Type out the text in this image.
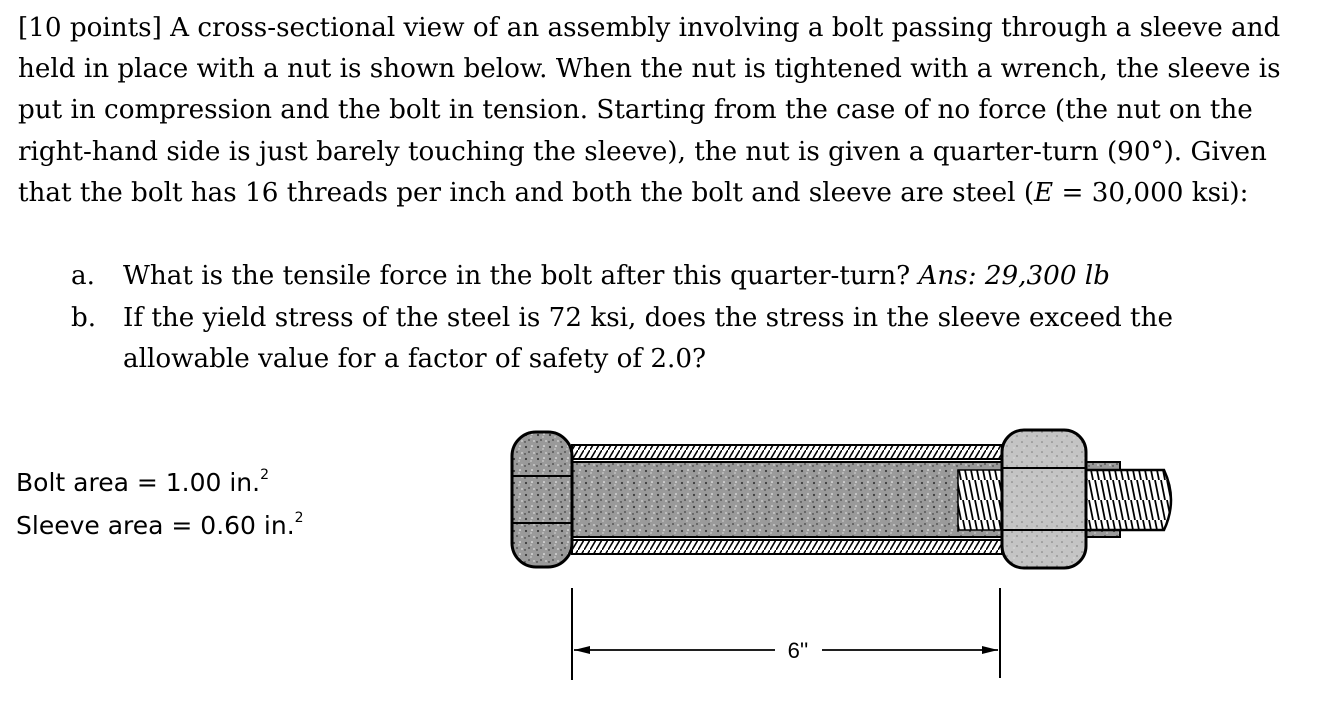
[10 points] A cross-sectional view of an assembly involving a bolt passing through a sleeve and held in place with a nut is shown below. When the nut is tightened with a wrench, the sleeve is put in compression and the bolt in tension. Starting from the case of no force (the nut on the right-hand side is just barely touching the sleeve), the nut is given a quarter-turn (90°). Given that the bolt has 16 threads per inch and both the bolt and sleeve are steel (E = 30,000 ksi):

a. What is the tensile force in the bolt after this quarter-turn? Ans: 29,300 lb
b. If the yield stress of the steel is 72 ksi, does the stress in the sleeve exceed the allowable value for a factor of safety of 2.0?
Bolt area = 1.00 in.$^2$
Sleeve area = 0.60 in.$^2$
6''
